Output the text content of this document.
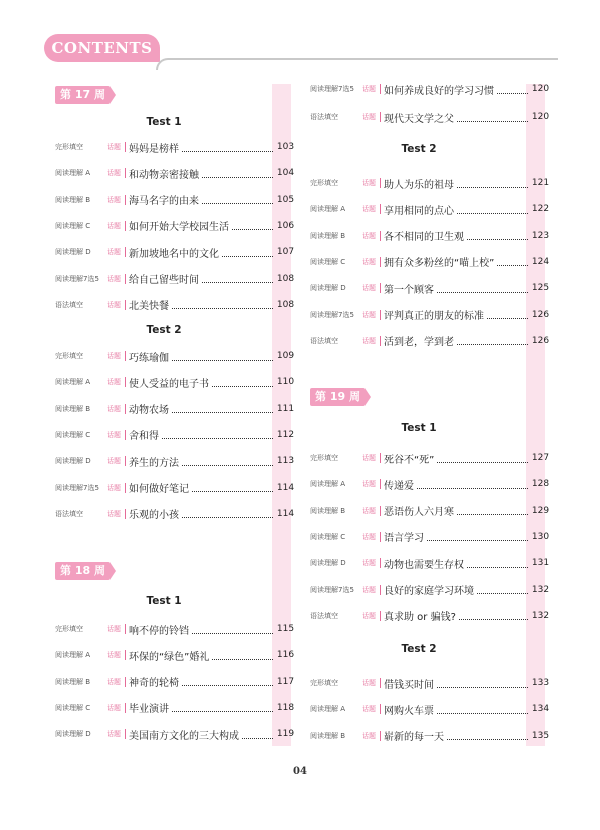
CONTENTS
第 17 周
Test 1
完形填空	话题 妈妈是榜样	103
阅读理解 A	话题 和动物亲密接触	104
阅读理解 B	话题 海马名字的由来	105
阅读理解 C	话题 如何开始大学校园生活	106
阅读理解 D	话题 新加坡地名中的文化	107
阅读理解7选5	话题 给自己留些时间	108
语法填空	话题 北美快餐	108
Test 2
完形填空	话题 巧练瑜伽	109
阅读理解 A	话题 使人受益的电子书	110
阅读理解 B	话题 动物农场	111
阅读理解 C	话题 舍和得	112
阅读理解 D	话题 养生的方法	113
阅读理解7选5	话题 如何做好笔记	114
语法填空	话题 乐观的小孩	114
第 18 周
Test 1
完形填空	话题 响不停的铃铛	115
阅读理解 A	话题 环保的“绿色”婚礼	116
阅读理解 B	话题 神奇的轮椅	117
阅读理解 C	话题 毕业演讲	118
阅读理解 D	话题 美国南方文化的三大构成	119
阅读理解7选5	话题 如何养成良好的学习习惯	120
语法填空	话题 现代天文学之父	120
Test 2
完形填空	话题 助人为乐的祖母	121
阅读理解 A	话题 享用相同的点心	122
阅读理解 B	话题 各不相同的卫生观	123
阅读理解 C	话题 拥有众多粉丝的“喵上校”	124
阅读理解 D	话题 第一个顾客	125
阅读理解7选5	话题 评判真正的朋友的标准	126
语法填空	话题 活到老，学到老	126
第 19 周
Test 1
完形填空	话题 死谷不“死”	127
阅读理解 A	话题 传递爱	128
阅读理解 B	话题 恶语伤人六月寒	129
阅读理解 C	话题 语言学习	130
阅读理解 D	话题 动物也需要生存权	131
阅读理解7选5	话题 良好的家庭学习环境	132
语法填空	话题 真求助 or 骗钱?	132
Test 2
完形填空	话题 借钱买时间	133
阅读理解 A	话题 网购火车票	134
阅读理解 B	话题 崭新的每一天	135
04
